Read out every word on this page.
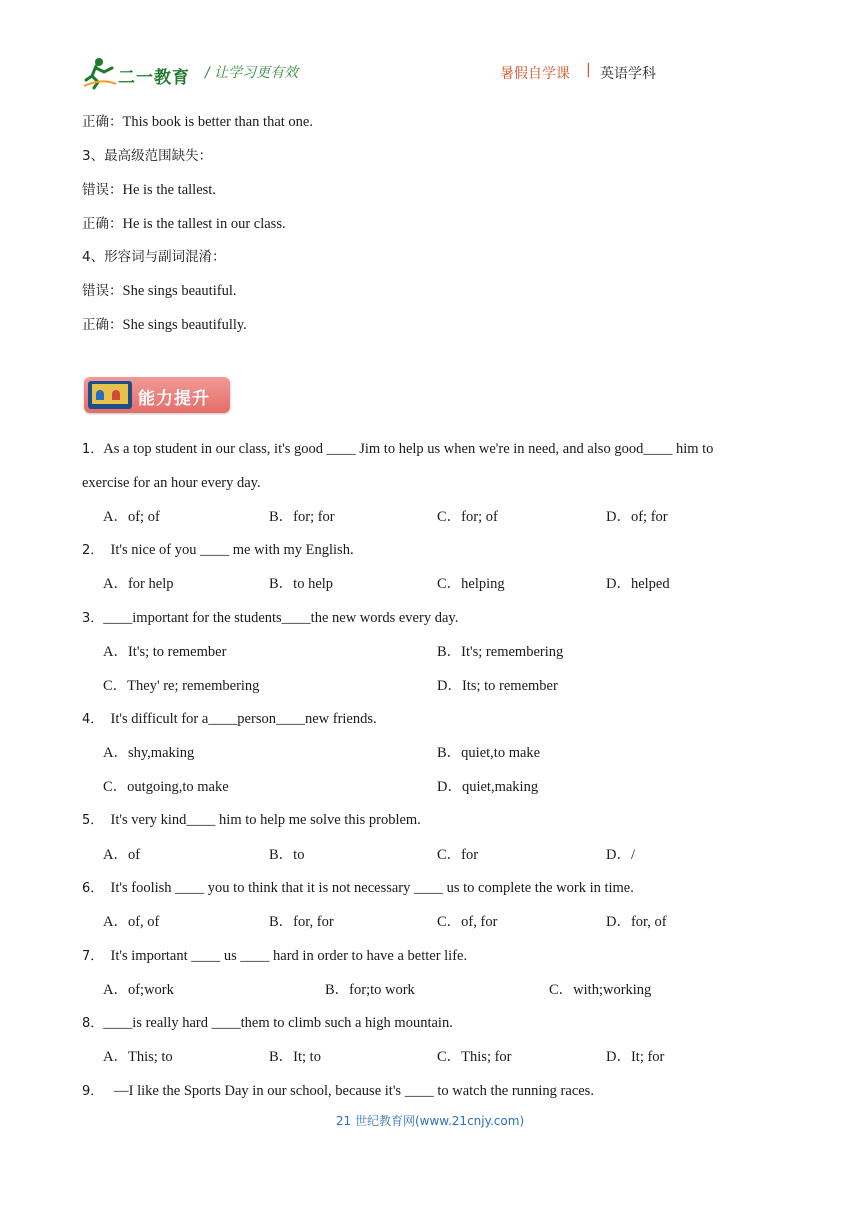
二一教育 / 让学习更有效	暑假自学课 | 英语学科
正确：This book is better than that one.
3、最高级范围缺失：
错误：He is the tallest.
正确：He is the tallest in our class.
4、形容词与副词混淆：
错误：She sings beautiful.
正确：She sings beautifully.
能力提升
1．As a top student in our class, it's good ____ Jim to help us when we're in need, and also good____ him to
exercise for an hour every day.
A．of; of	B．for; for	C．for; of	D．of; for
2． It's nice of you ____ me with my English.
A．for help	B．to help	C．helping	D．helped
3．____important for the students____the new words every day.
A．It's; to remember	B．It's; remembering
C．They' re; remembering	D．Its; to remember
4． It's difficult for a____person____new friends.
A．shy,making	B．quiet,to make
C．outgoing,to make	D．quiet,making
5． It's very kind____ him to help me solve this problem.
A．of	B．to	C．for	D．/
6． It's foolish ____ you to think that it is not necessary ____ us to complete the work in time.
A．of, of	B．for, for	C．of, for	D．for, of
7． It's important ____ us ____ hard in order to have a better life.
A．of;work	B．for;to work	C．with;working
8．____is really hard ____them to climb such a high mountain.
A．This; to	B．It; to	C．This; for	D．It; for
9． —I like the Sports Day in our school, because it's ____ to watch the running races.
21 世纪教育网(www.21cnjy.com)
